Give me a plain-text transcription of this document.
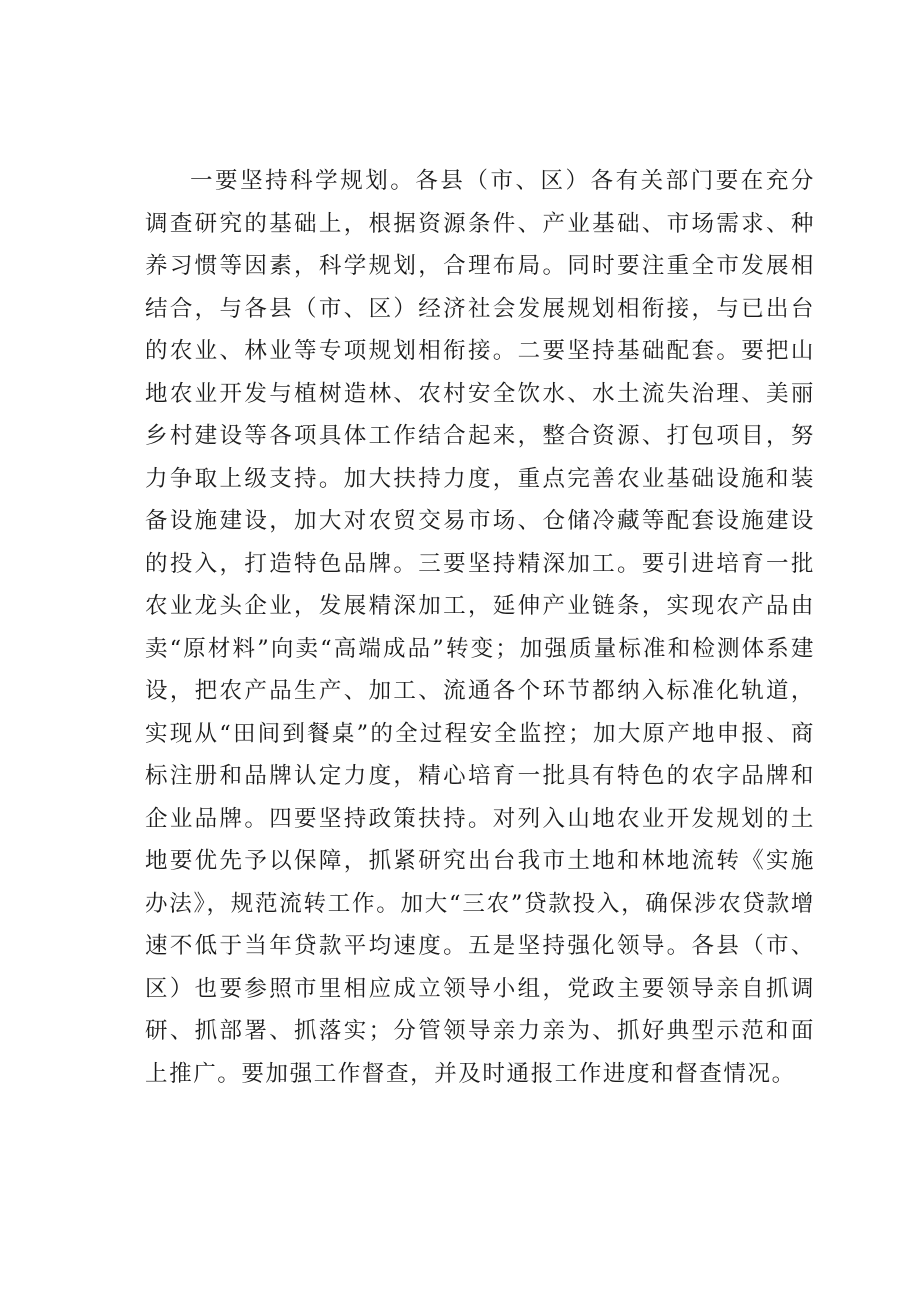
一要坚持科学规划。各县（市、区）各有关部门要在充分调查研究的基础上，根据资源条件、产业基础、市场需求、种养习惯等因素，科学规划，合理布局。同时要注重全市发展相结合，与各县（市、区）经济社会发展规划相衔接，与已出台的农业、林业等专项规划相衔接。二要坚持基础配套。要把山地农业开发与植树造林、农村安全饮水、水土流失治理、美丽乡村建设等各项具体工作结合起来，整合资源、打包项目，努力争取上级支持。加大扶持力度，重点完善农业基础设施和装备设施建设，加大对农贸交易市场、仓储冷藏等配套设施建设的投入，打造特色品牌。三要坚持精深加工。要引进培育一批农业龙头企业，发展精深加工，延伸产业链条，实现农产品由卖“原材料”向卖“高端成品”转变；加强质量标准和检测体系建设，把农产品生产、加工、流通各个环节都纳入标准化轨道，实现从“田间到餐桌”的全过程安全监控；加大原产地申报、商标注册和品牌认定力度，精心培育一批具有特色的农字品牌和企业品牌。四要坚持政策扶持。对列入山地农业开发规划的土地要优先予以保障，抓紧研究出台我市土地和林地流转《实施办法》，规范流转工作。加大“三农”贷款投入，确保涉农贷款增速不低于当年贷款平均速度。五是坚持强化领导。各县（市、区）也要参照市里相应成立领导小组，党政主要领导亲自抓调研、抓部署、抓落实；分管领导亲力亲为、抓好典型示范和面上推广。要加强工作督查，并及时通报工作进度和督查情况。
